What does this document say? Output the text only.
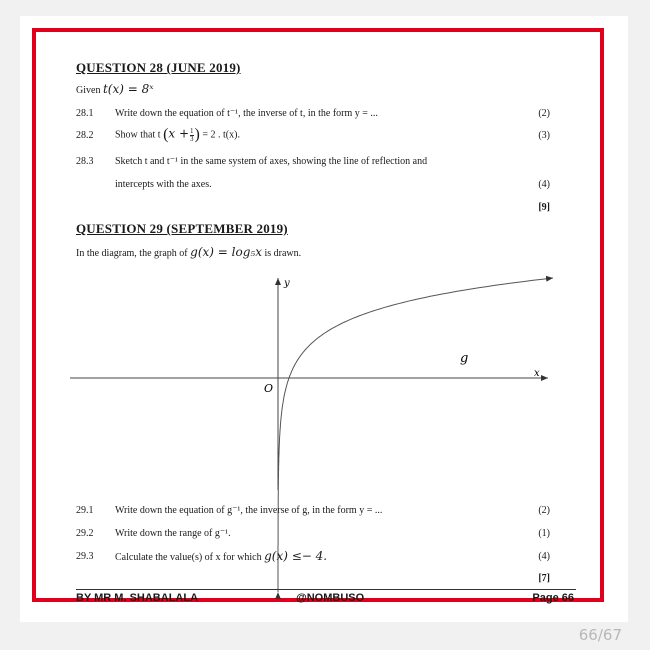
QUESTION 28 (JUNE 2019)
Given t(x) = 8ˣ
28.1 Write down the equation of t⁻¹, the inverse of t, in the form y = ...	(2)
28.2 Show that t ($x + \frac{1}{3}$ ) = 2 . t(x).	(3)
28.3 Sketch t and t⁻¹ in the same system of axes, showing the line of reflection and
intercepts with the axes.	(4)
[9]
QUESTION 29 (SEPTEMBER 2019)
In the diagram, the graph of g(x) = log₅x is drawn.
y
x
O
g
29.1 Write down the equation of g⁻¹, the inverse of g, in the form y = ...	(2)
29.2 Write down the range of g⁻¹.	(1)
29.3 Calculate the value(s) of x for which g(x) ≤− 4.	(4)
[7]
BY MR M. SHABALALA	@NOMBUSO	Page 66
66/67
